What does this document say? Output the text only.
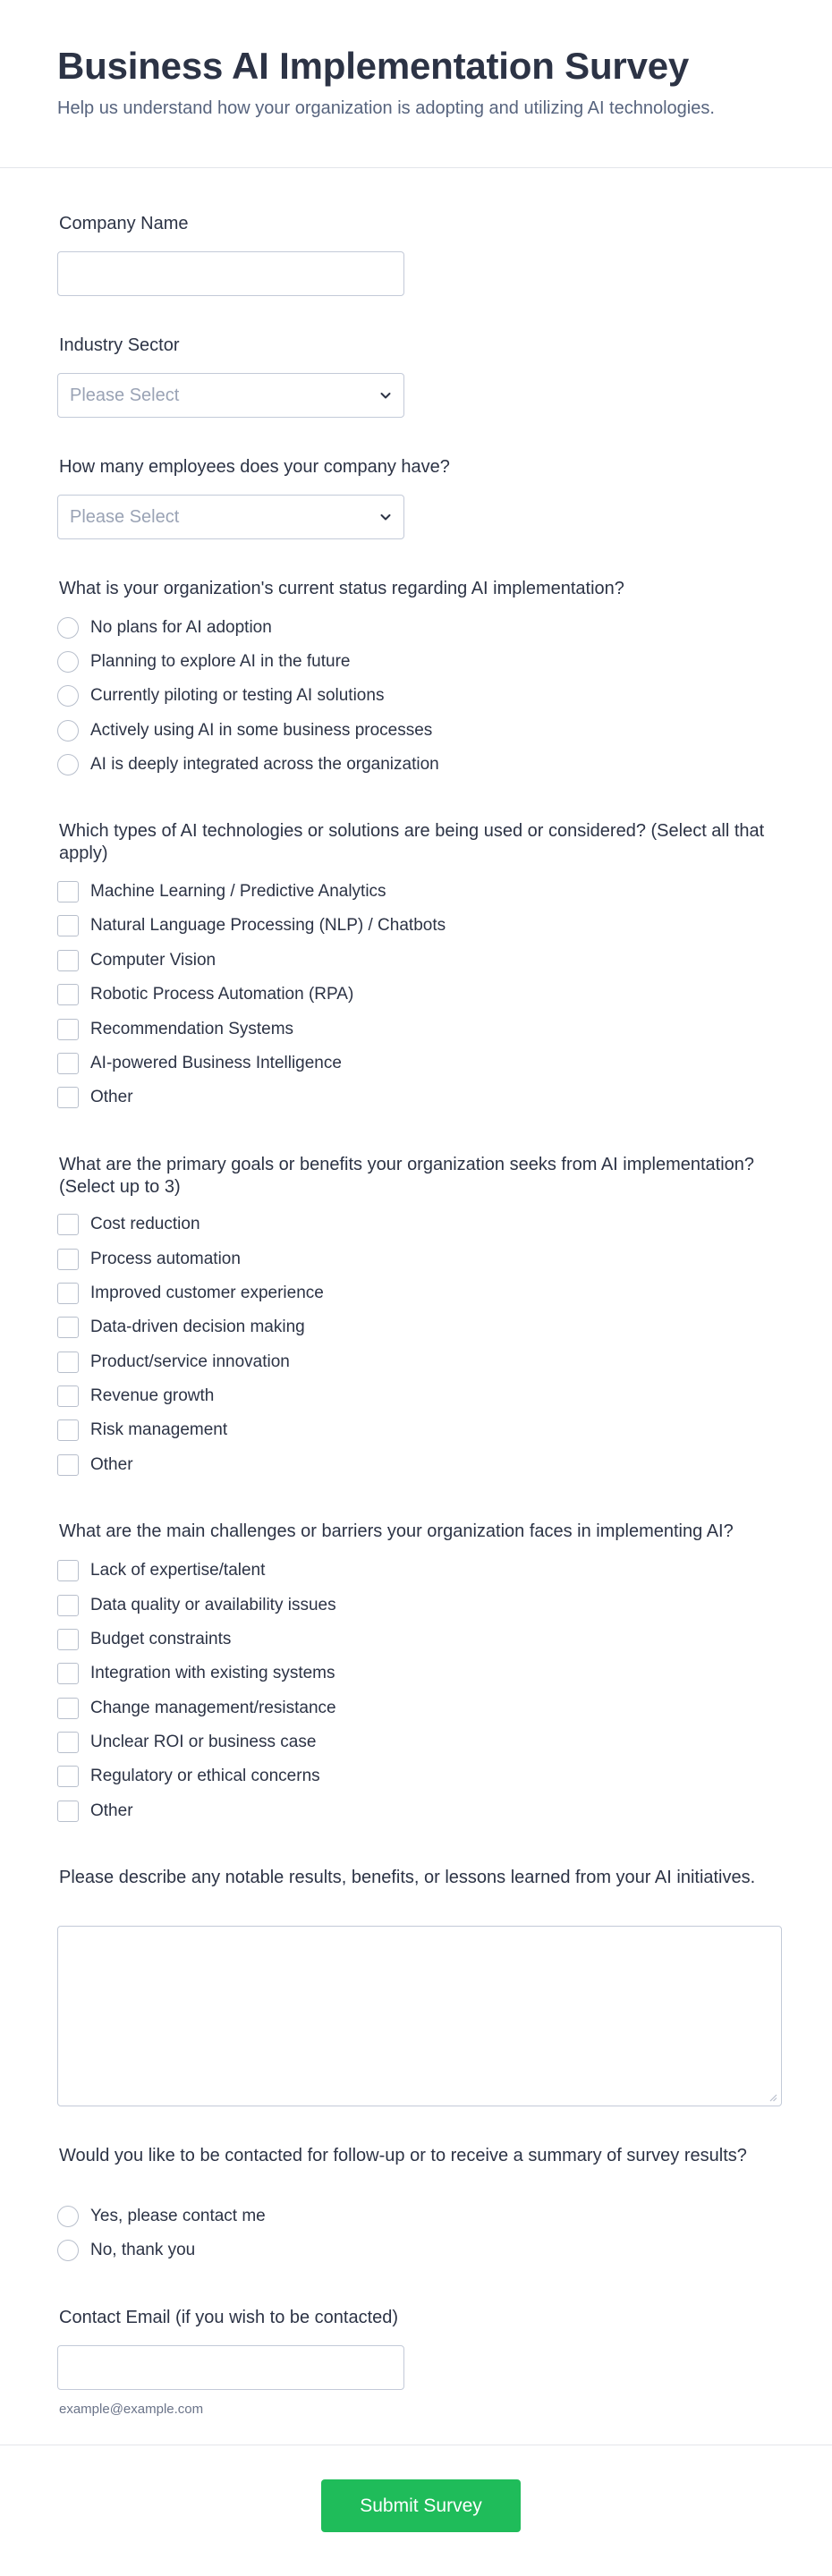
Business AI Implementation Survey

Help us understand how your organization is adopting and utilizing AI technologies.

Company Name
Industry Sector
Please Select
How many employees does your company have?
Please Select
What is your organization's current status regarding AI implementation?
No plans for AI adoption
Planning to explore AI in the future
Currently piloting or testing AI solutions
Actively using AI in some business processes
AI is deeply integrated across the organization
Which types of AI technologies or solutions are being used or considered? (Select all that apply)
Machine Learning / Predictive Analytics
Natural Language Processing (NLP) / Chatbots
Computer Vision
Robotic Process Automation (RPA)
Recommendation Systems
AI-powered Business Intelligence
Other
What are the primary goals or benefits your organization seeks from AI implementation? (Select up to 3)
Cost reduction
Process automation
Improved customer experience
Data-driven decision making
Product/service innovation
Revenue growth
Risk management
Other
What are the main challenges or barriers your organization faces in implementing AI?
Lack of expertise/talent
Data quality or availability issues
Budget constraints
Integration with existing systems
Change management/resistance
Unclear ROI or business case
Regulatory or ethical concerns
Other
Please describe any notable results, benefits, or lessons learned from your AI initiatives.
Would you like to be contacted for follow-up or to receive a summary of survey results?
Yes, please contact me
No, thank you
Contact Email (if you wish to be contacted)
example@example.com
Submit Survey
